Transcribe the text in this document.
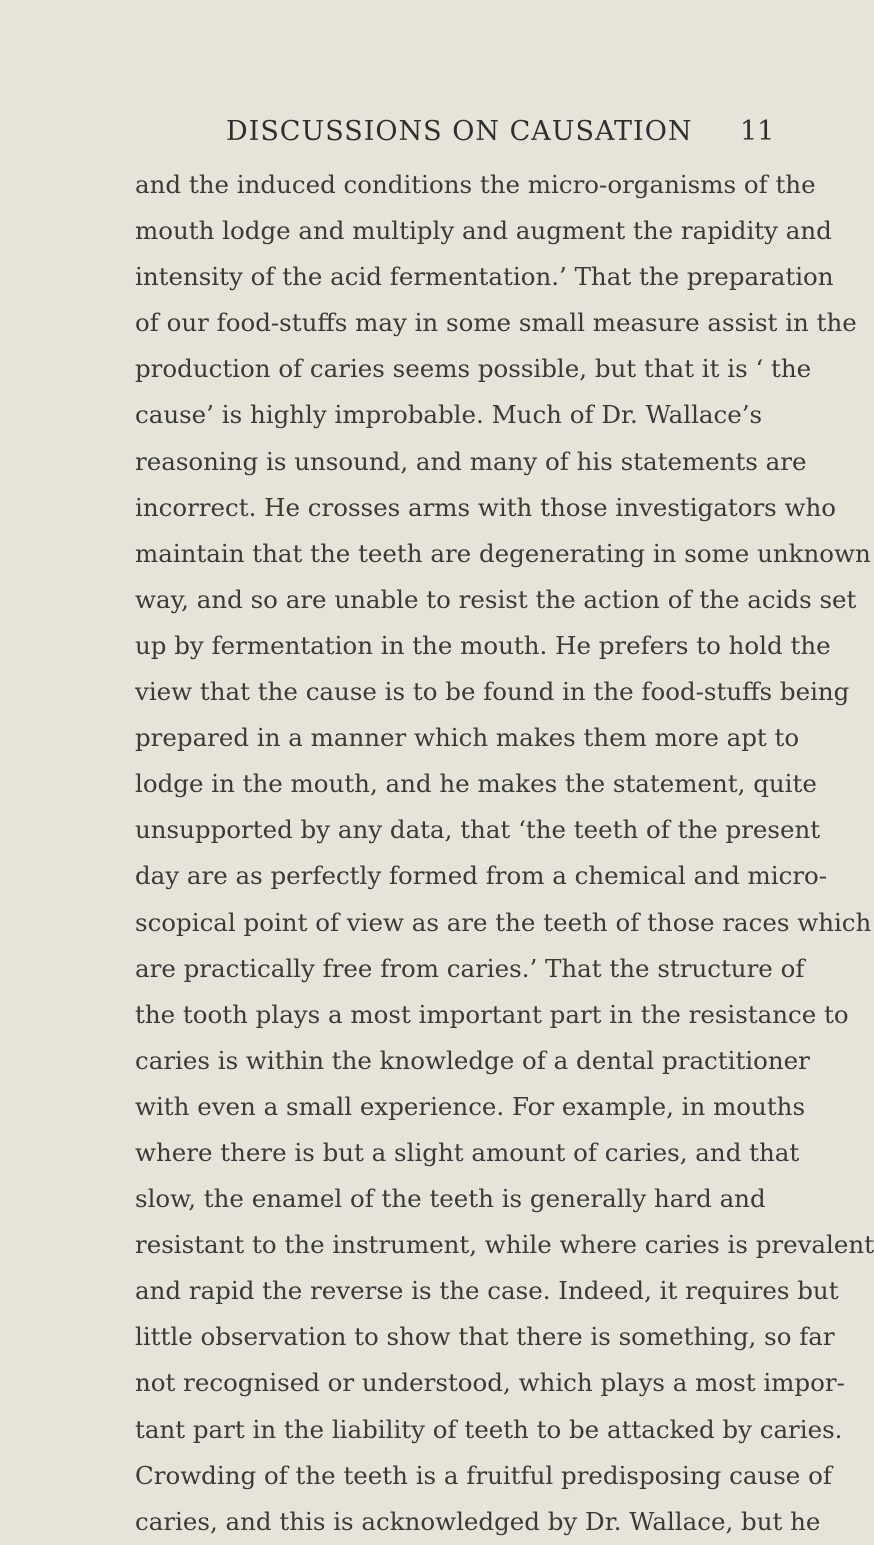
DISCUSSIONS ON CAUSATION 11
and the induced conditions the micro-organisms of the
mouth lodge and multiply and augment the rapidity and
intensity of the acid fermentation.’ That the preparation
of our food-stuffs may in some small measure assist in the
production of caries seems possible, but that it is ‘ the
cause’ is highly improbable. Much of Dr. Wallace’s
reasoning is unsound, and many of his statements are
incorrect. He crosses arms with those investigators who
maintain that the teeth are degenerating in some unknown
way, and so are unable to resist the action of the acids set
up by fermentation in the mouth. He prefers to hold the
view that the cause is to be found in the food-stuffs being
prepared in a manner which makes them more apt to
lodge in the mouth, and he makes the statement, quite
unsupported by any data, that ‘the teeth of the present
day are as perfectly formed from a chemical and micro-
scopical point of view as are the teeth of those races which
are practically free from caries.’ That the structure of
the tooth plays a most important part in the resistance to
caries is within the knowledge of a dental practitioner
with even a small experience. For example, in mouths
where there is but a slight amount of caries, and that
slow, the enamel of the teeth is generally hard and
resistant to the instrument, while where caries is prevalent
and rapid the reverse is the case. Indeed, it requires but
little observation to show that there is something, so far
not recognised or understood, which plays a most impor-
tant part in the liability of teeth to be attacked by caries.
Crowding of the teeth is a fruitful predisposing cause of
caries, and this is acknowledged by Dr. Wallace, but he
